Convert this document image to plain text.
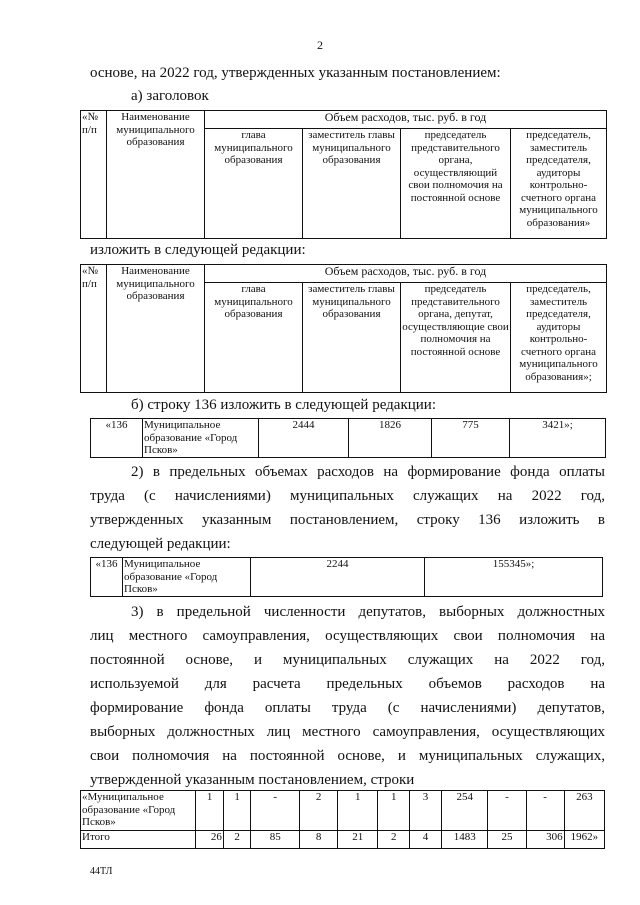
2
основе, на 2022 год, утвержденных указанным постановлением:
а) заголовок
«№ п/п	Наименование муниципального образования	Объем расходов, тыс. руб. в год			
		глава муниципального образования	заместитель главы муниципального образования	председатель представительного органа, осуществляющий свои полномочия на постоянной основе	председатель, заместитель председателя, аудиторы контрольно-счетного органа муниципального образования»
изложить в следующей редакции:
«№ п/п	Наименование муниципального образования	Объем расходов, тыс. руб. в год			
		глава муниципального образования	заместитель главы муниципального образования	председатель представительного органа, депутат, осуществляющие свои полномочия на постоянной основе	председатель, заместитель председателя, аудиторы контрольно-счетного органа муниципального образования»;
б) строку 136 изложить в следующей редакции:
«136	Муниципальное образование «Город Псков»	2444	1826	775	3421»;
2) в предельных объемах расходов на формирование фонда оплаты
труда (с начислениями) муниципальных служащих на 2022 год,
утвержденных указанным постановлением, строку 136 изложить в
следующей редакции:
«136	Муниципальное образование «Город Псков»	2244	155345»;
3) в предельной численности депутатов, выборных должностных
лиц местного самоуправления, осуществляющих свои полномочия на
постоянной основе, и муниципальных служащих на 2022 год,
используемой для расчета предельных объемов расходов на
формирование фонда оплаты труда (с начислениями) депутатов,
выборных должностных лиц местного самоуправления, осуществляющих
свои полномочия на постоянной основе, и муниципальных служащих,
утвержденной указанным постановлением, строки
«Муниципальное образование «Город Псков»	1	1	-	2	1	1	3	254	-	-	263
Итого	26	2	85	8	21	2	4	1483	25	306	1962»
44ТЛ
